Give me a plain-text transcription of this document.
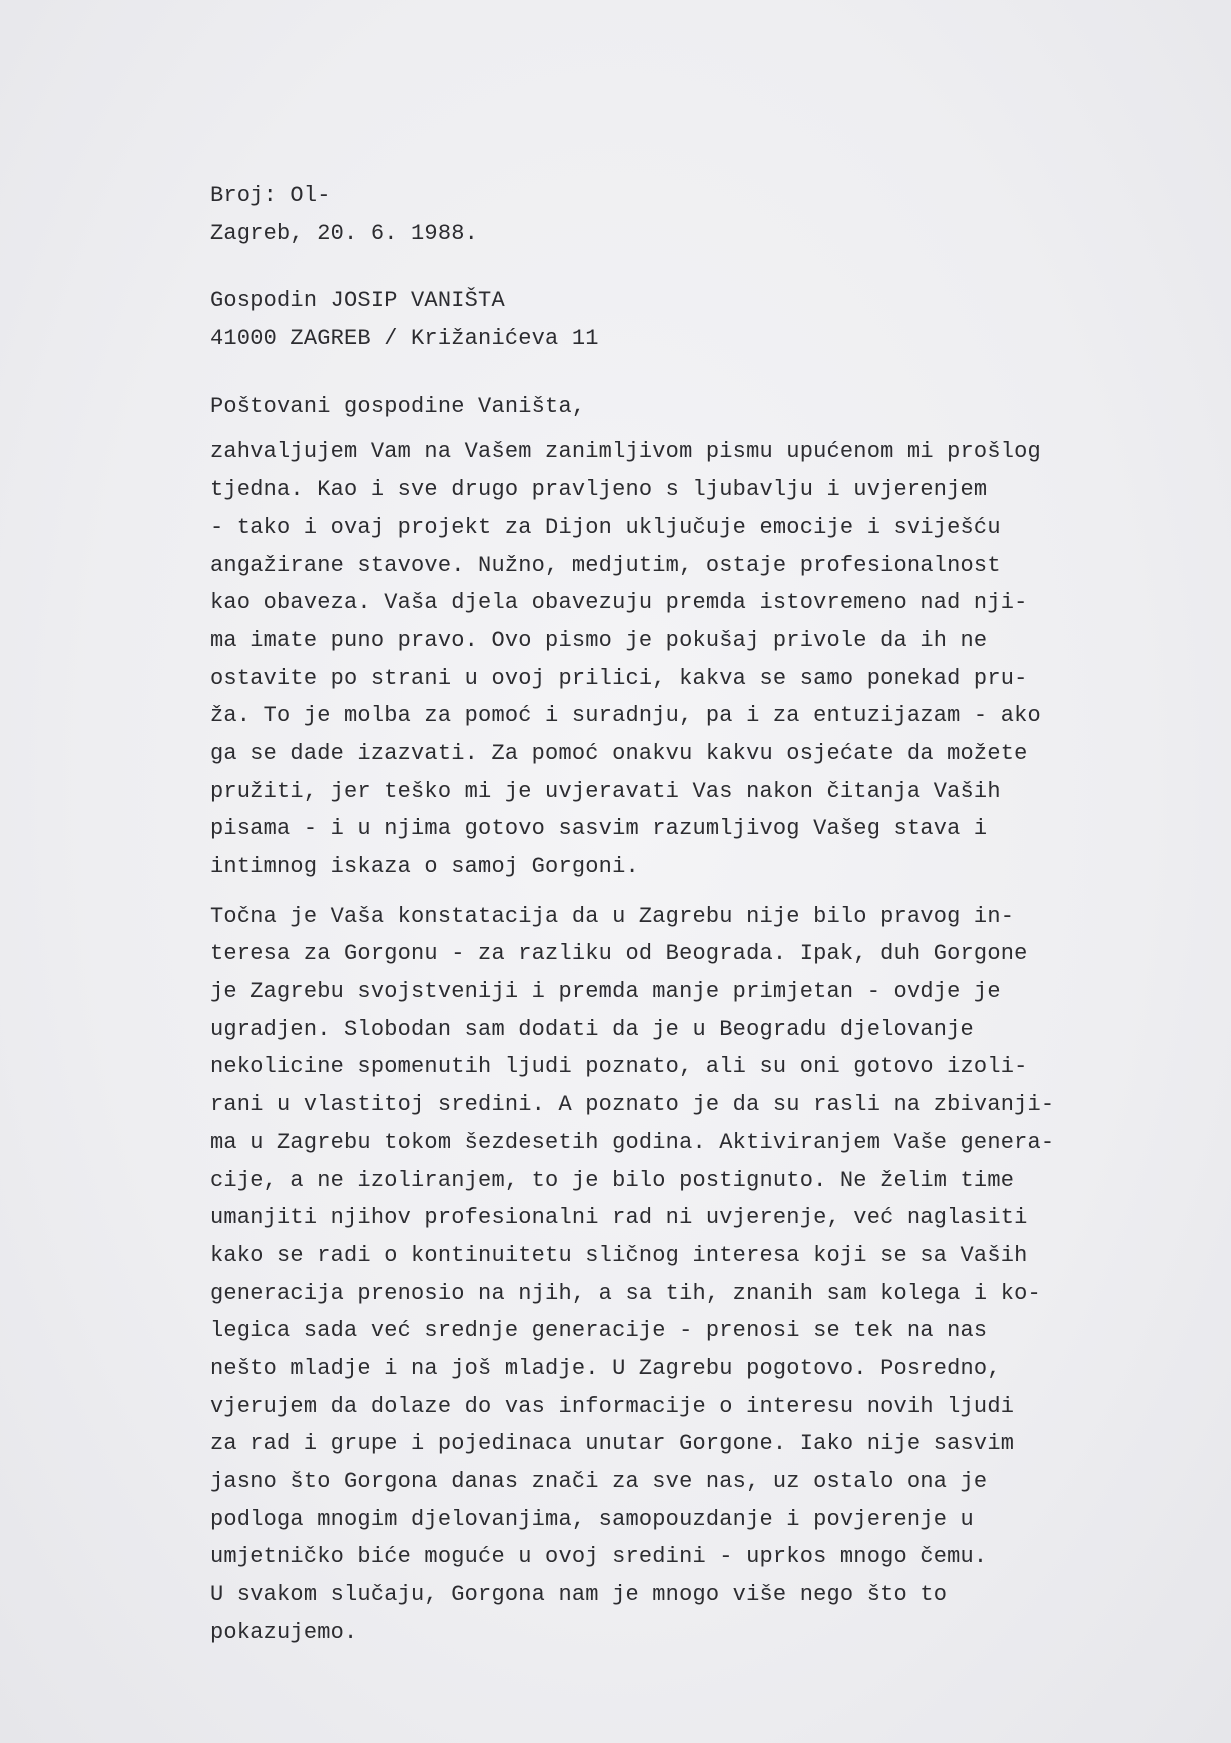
Broj: Ol-
Zagreb, 20. 6. 1988.
Gospodin JOSIP VANIŠTA
41000 ZAGREB / Križanićeva 11
Poštovani gospodine Vaništa,
zahvaljujem Vam na Vašem zanimljivom pismu upućenom mi prošlog
tjedna. Kao i sve drugo pravljeno s ljubavlju i uvjerenjem
- tako i ovaj projekt za Dijon uključuje emocije i sviješću
angažirane stavove. Nužno, medjutim, ostaje profesionalnost
kao obaveza. Vaša djela obavezuju premda istovremeno nad nji-
ma imate puno pravo. Ovo pismo je pokušaj privole da ih ne
ostavite po strani u ovoj prilici, kakva se samo ponekad pru-
ža. To je molba za pomoć i suradnju, pa i za entuzijazam - ako
ga se dade izazvati. Za pomoć onakvu kakvu osjećate da možete
pružiti, jer teško mi je uvjeravati Vas nakon čitanja Vaših
pisama - i u njima gotovo sasvim razumljivog Vašeg stava i
intimnog iskaza o samoj Gorgoni.
Točna je Vaša konstatacija da u Zagrebu nije bilo pravog in-
teresa za Gorgonu - za razliku od Beograda. Ipak, duh Gorgone
je Zagrebu svojstveniji i premda manje primjetan - ovdje je
ugradjen. Slobodan sam dodati da je u Beogradu djelovanje
nekolicine spomenutih ljudi poznato, ali su oni gotovo izoli-
rani u vlastitoj sredini. A poznato je da su rasli na zbivanji-
ma u Zagrebu tokom šezdesetih godina. Aktiviranjem Vaše genera-
cije, a ne izoliranjem, to je bilo postignuto. Ne želim time
umanjiti njihov profesionalni rad ni uvjerenje, već naglasiti
kako se radi o kontinuitetu sličnog interesa koji se sa Vaših
generacija prenosio na njih, a sa tih, znanih sam kolega i ko-
legica sada već srednje generacije - prenosi se tek na nas
nešto mladje i na još mladje. U Zagrebu pogotovo. Posredno,
vjerujem da dolaze do vas informacije o interesu novih ljudi
za rad i grupe i pojedinaca unutar Gorgone. Iako nije sasvim
jasno što Gorgona danas znači za sve nas, uz ostalo ona je
podloga mnogim djelovanjima, samopouzdanje i povjerenje u
umjetničko biće moguće u ovoj sredini - uprkos mnogo čemu.
U svakom slučaju, Gorgona nam je mnogo više nego što to
pokazujemo.
